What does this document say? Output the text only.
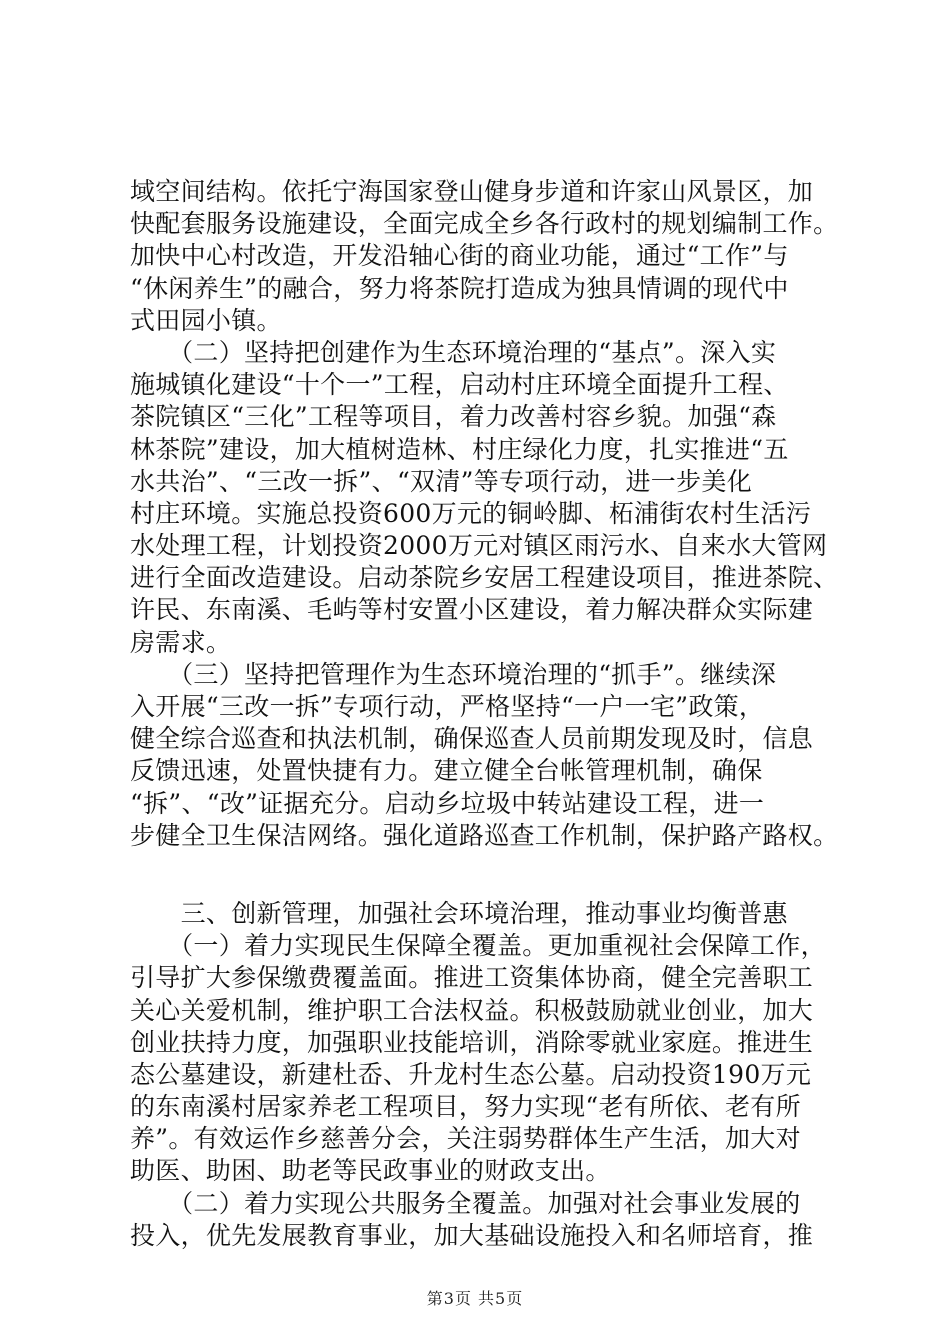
域空间结构。依托宁海国家登山健身步道和许家山风景区，加
快配套服务设施建设，全面完成全乡各行政村的规划编制工作。
加快中心村改造，开发沿轴心街的商业功能，通过“工作”与
“休闲养生”的融合，努力将茶院打造成为独具情调的现代中
式田园小镇。
　　（二）坚持把创建作为生态环境治理的“基点”。深入实
施城镇化建设“十个一”工程，启动村庄环境全面提升工程、
茶院镇区“三化”工程等项目，着力改善村容乡貌。加强“森
林茶院”建设，加大植树造林、村庄绿化力度，扎实推进“五
水共治”、“三改一拆”、“双清”等专项行动，进一步美化
村庄环境。实施总投资600万元的铜岭脚、柘浦街农村生活污
水处理工程，计划投资2000万元对镇区雨污水、自来水大管网
进行全面改造建设。启动茶院乡安居工程建设项目，推进茶院、
许民、东南溪、毛屿等村安置小区建设，着力解决群众实际建
房需求。
　　（三）坚持把管理作为生态环境治理的“抓手”。继续深
入开展“三改一拆”专项行动，严格坚持“一户一宅”政策，
健全综合巡查和执法机制，确保巡查人员前期发现及时，信息
反馈迅速，处置快捷有力。建立健全台帐管理机制，确保
“拆”、“改”证据充分。启动乡垃圾中转站建设工程，进一
步健全卫生保洁网络。强化道路巡查工作机制，保护路产路权。
　　三、创新管理，加强社会环境治理，推动事业均衡普惠
　　（一）着力实现民生保障全覆盖。更加重视社会保障工作，
引导扩大参保缴费覆盖面。推进工资集体协商，健全完善职工
关心关爱机制，维护职工合法权益。积极鼓励就业创业，加大
创业扶持力度，加强职业技能培训，消除零就业家庭。推进生
态公墓建设，新建杜岙、升龙村生态公墓。启动投资190万元
的东南溪村居家养老工程项目，努力实现“老有所依、老有所
养”。有效运作乡慈善分会，关注弱势群体生产生活，加大对
助医、助困、助老等民政事业的财政支出。
　　（二）着力实现公共服务全覆盖。加强对社会事业发展的
投入，优先发展教育事业，加大基础设施投入和名师培育，推
第3页 共5页
